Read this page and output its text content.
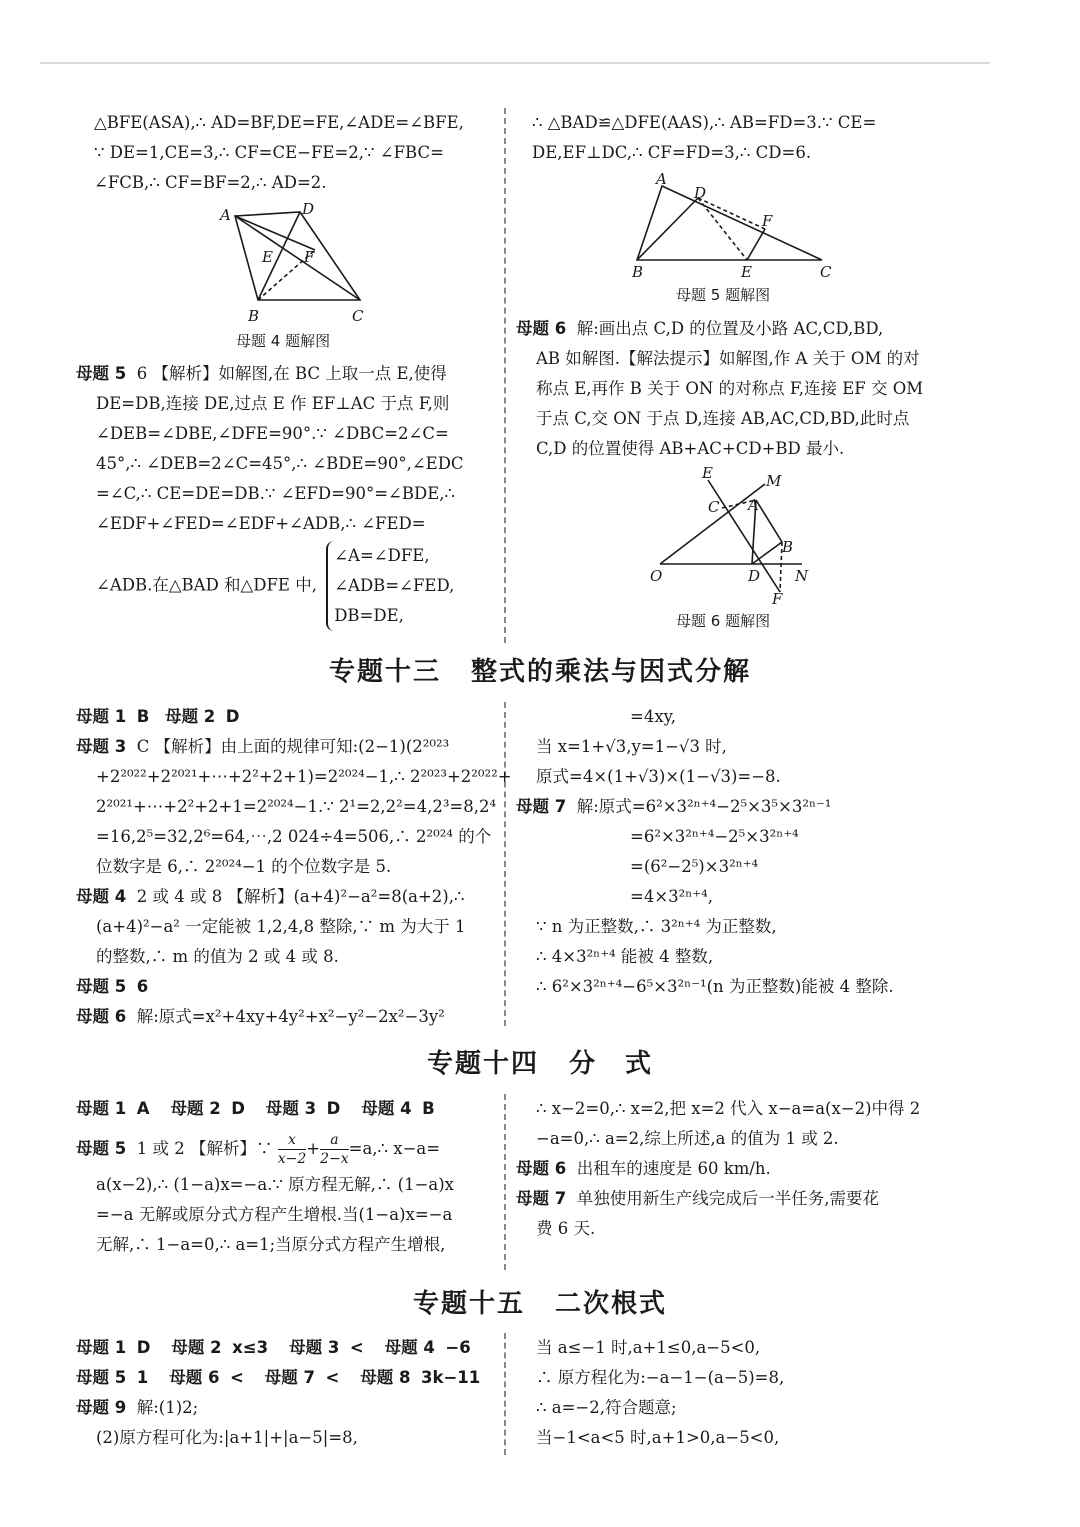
△BFE(ASA),∴ AD=BF,DE=FE,∠ADE=∠BFE,

∵ DE=1,CE=3,∴ CF=CE−FE=2,∵ ∠FBC=

∠FCB,∴ CF=BF=2,∴ AD=2.

A	D
E F
B	C
母题 4 题解图

母题 5 6 【解析】如解图,在 BC 上取一点 E,使得

DE=DB,连接 DE,过点 E 作 EF⊥AC 于点 F,则

∠DEB=∠DBE,∠DFE=90°.∵ ∠DBC=2∠C=

45°,∴ ∠DEB=2∠C=45°,∴ ∠BDE=90°,∠EDC

=∠C,∴ CE=DE=DB.∵ ∠EFD=90°=∠BDE,∴

∠EDF+∠FED=∠EDF+∠ADB,∴ ∠FED=

∠ADB.在△BAD 和△DFE 中,
∠A=∠DFE,
∠ADB=∠FED,
DB=DE,

∴ △BAD≌△DFE(AAS),∴ AB=FD=3.∵ CE=

DE,EF⊥DC,∴ CF=FD=3,∴ CD=6.

A
D
F
B	E	C
母题 5 题解图

母题 6 解:画出点 C,D 的位置及小路 AC,CD,BD,

AB 如解图.【解法提示】如解图,作 A 关于 OM 的对

称点 E,再作 B 关于 ON 的对称点 F,连接 EF 交 OM

于点 C,交 ON 于点 D,连接 AB,AC,CD,BD,此时点

C,D 的位置使得 AB+AC+CD+BD 最小.

E	M
C A
B
O	D N
F
母题 6 题解图
专题十三 整式的乘法与因式分解

母题 1 B 母题 2 D

母题 3 C 【解析】由上面的规律可知:(2−1)(2²⁰²³

+2²⁰²²+2²⁰²¹+⋯+2²+2+1)=2²⁰²⁴−1,∴ 2²⁰²³+2²⁰²²+

2²⁰²¹+⋯+2²+2+1=2²⁰²⁴−1.∵ 2¹=2,2²=4,2³=8,2⁴

=16,2⁵=32,2⁶=64,⋯,2 024÷4=506,∴ 2²⁰²⁴ 的个

位数字是 6,∴ 2²⁰²⁴−1 的个位数字是 5.

母题 4 2 或 4 或 8 【解析】(a+4)²−a²=8(a+2),∴

(a+4)²−a² 一定能被 1,2,4,8 整除,∵ m 为大于 1

的整数,∴ m 的值为 2 或 4 或 8.

母题 5 6

母题 6 解:原式=x²+4xy+4y²+x²−y²−2x²−3y²

=4xy,

当 x=1+√3,y=1−√3 时,

原式=4×(1+√3)×(1−√3)=−8.

母题 7 解:原式=6²×3²ⁿ⁺⁴−2⁵×3⁵×3²ⁿ⁻¹

=6²×3²ⁿ⁺⁴−2⁵×3²ⁿ⁺⁴

=(6²−2⁵)×3²ⁿ⁺⁴

=4×3²ⁿ⁺⁴,

∵ n 为正整数,∴ 3²ⁿ⁺⁴ 为正整数,

∴ 4×3²ⁿ⁺⁴ 能被 4 整数,

∴ 6²×3²ⁿ⁺⁴−6⁵×3²ⁿ⁻¹(n 为正整数)能被 4 整除.

专题十四 分　式

母题 1 A 母题 2 D 母题 3 D 母题 4 B

母题 5 1 或 2 【解析】∵ $\frac{x}{x-2} + \frac{a}{2-x}$ =a,∴ x−a=

a(x−2),∴ (1−a)x=−a.∵ 原方程无解,∴ (1−a)x

=−a 无解或原分式方程产生增根.当(1−a)x=−a

无解,∴ 1−a=0,∴ a=1;当原分式方程产生增根,

∴ x−2=0,∴ x=2,把 x=2 代入 x−a=a(x−2)中得 2

−a=0,∴ a=2,综上所述,a 的值为 1 或 2.

母题 6 出租车的速度是 60 km/h.

母题 7 单独使用新生产线完成后一半任务,需要花

费 6 天.

专题十五 二次根式

母题 1 D 母题 2 x≤3 母题 3 < 母题 4 −6

母题 5 1 母题 6 < 母题 7 < 母题 8 3k−11

母题 9 解:(1)2;

(2)原方程可化为:|a+1|+|a−5|=8,

当 a≤−1 时,a+1≤0,a−5<0,

∴ 原方程化为:−a−1−(a−5)=8,

∴ a=−2,符合题意;

当−1<a<5 时,a+1>0,a−5<0,
